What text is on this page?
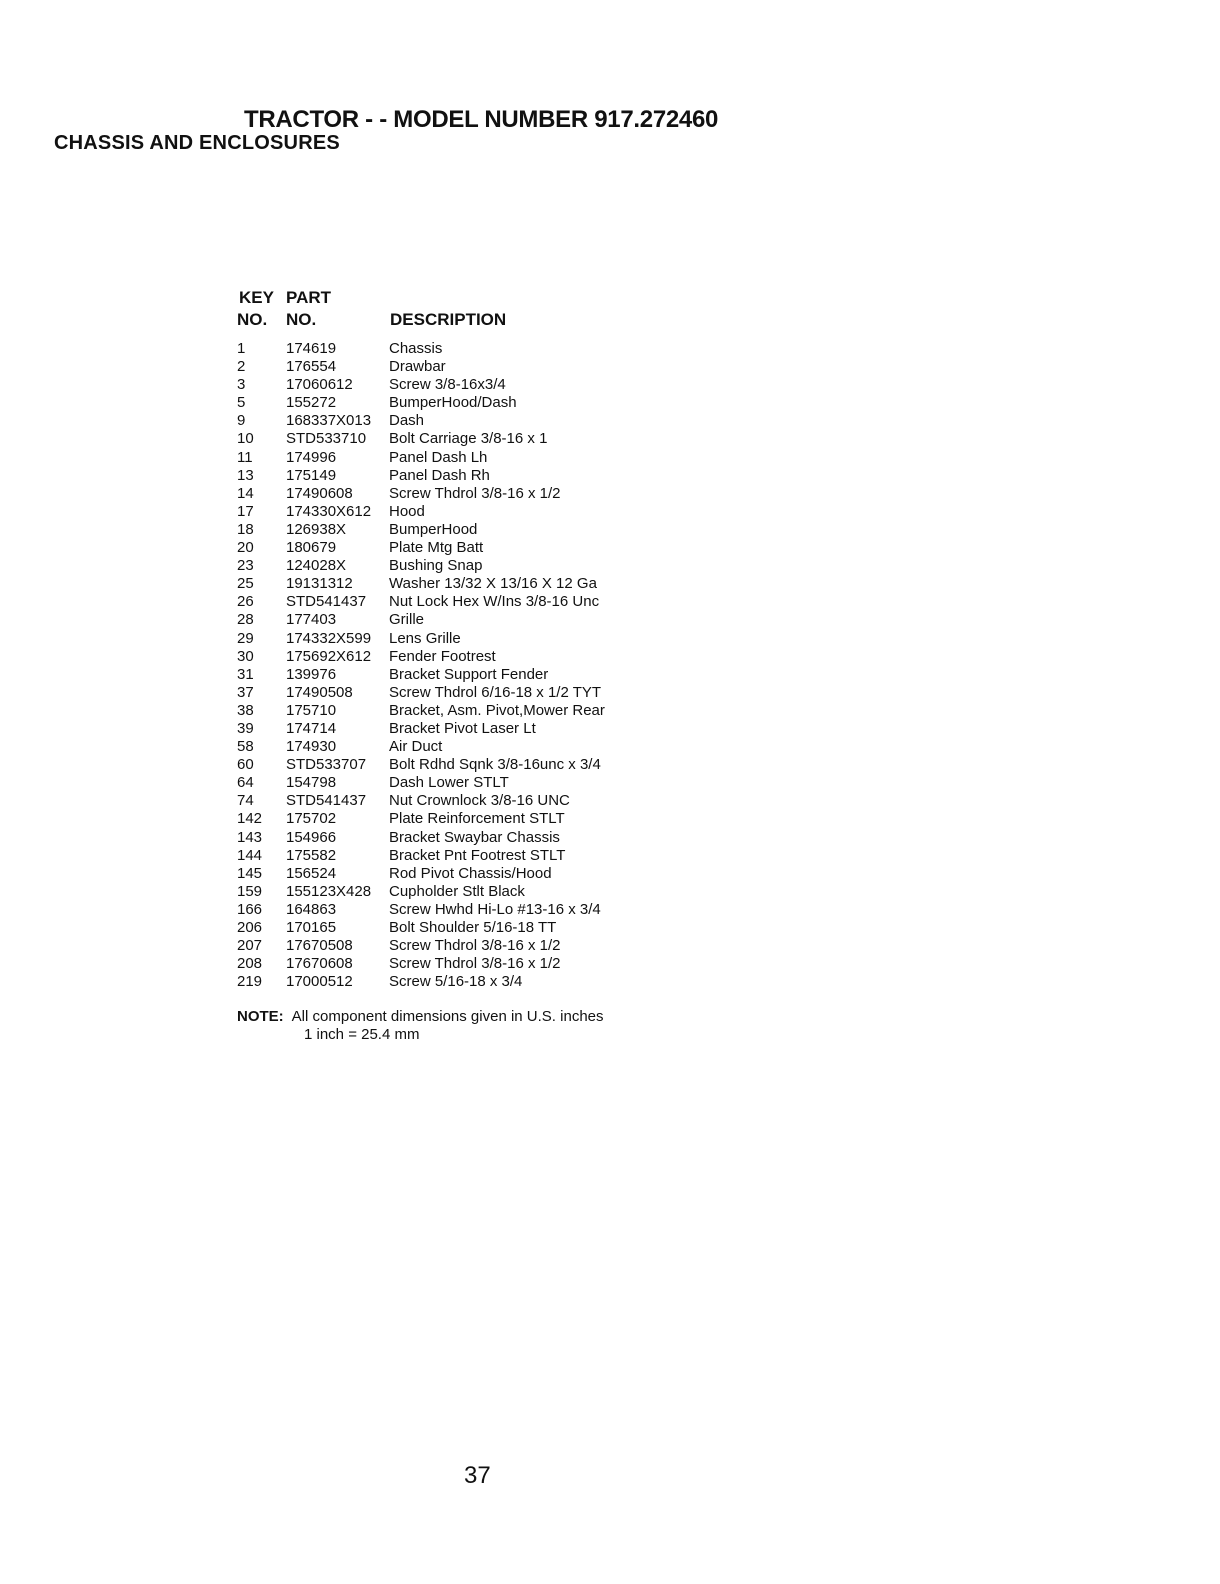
TRACTOR - - MODEL NUMBER 917.272460
CHASSIS AND ENCLOSURES
KEY PART
NO. NO.	DESCRIPTION
1	174619	Chassis
2	176554	Drawbar
3	17060612 Screw 3/8-16x3/4
5	155272	BumperHood/Dash
9	168337X013 Dash
10 STD533710 Bolt Carriage 3/8-16 x 1
11 174996	Panel Dash Lh
13 175149	Panel Dash Rh
14 17490608 Screw Thdrol 3/8-16 x 1/2
17 174330X612 Hood
18 126938X	BumperHood
20 180679	Plate Mtg Batt
23 124028X	Bushing Snap
25 19131312 Washer 13/32 X 13/16 X 12 Ga
26 STD541437 Nut Lock Hex W/Ins 3/8-16 Unc
28 177403	Grille
29 174332X599 Lens Grille
30 175692X612 Fender Footrest
31 139976	Bracket Support Fender
37 17490508 Screw Thdrol 6/16-18 x 1/2 TYT
38 175710	Bracket, Asm. Pivot,Mower Rear
39 174714	Bracket Pivot Laser Lt
58 174930	Air Duct
60 STD533707 Bolt Rdhd Sqnk 3/8-16unc x 3/4
64 154798	Dash Lower STLT
74 STD541437 Nut Crownlock 3/8-16 UNC
142 175702	Plate Reinforcement STLT
143 154966	Bracket Swaybar Chassis
144 175582	Bracket Pnt Footrest STLT
145 156524	Rod Pivot Chassis/Hood
159 155123X428 Cupholder Stlt Black
166 164863	Screw Hwhd Hi-Lo #13-16 x 3/4
206 170165	Bolt Shoulder 5/16-18 TT
207 17670508 Screw Thdrol 3/8-16 x 1/2
208 17670608 Screw Thdrol 3/8-16 x 1/2
219 17000512 Screw 5/16-18 x 3/4
NOTE: All component dimensions given in U.S. inches
1 inch = 25.4 mm
37
